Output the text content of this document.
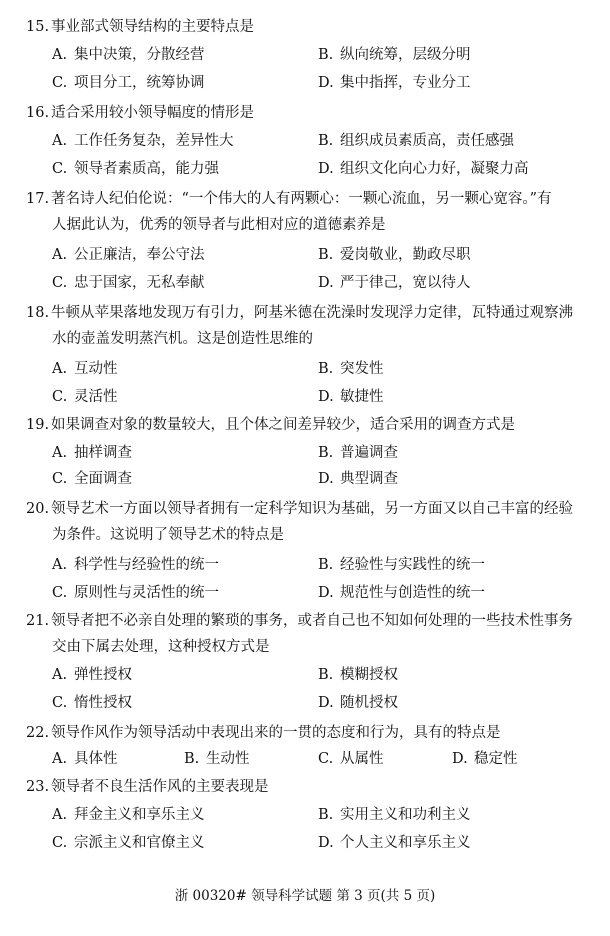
15. 事业部式领导结构的主要特点是
A. 集中决策，分散经营	B. 纵向统筹，层级分明
C. 项目分工，统筹协调	D. 集中指挥，专业分工
16. 适合采用较小领导幅度的情形是
A. 工作任务复杂，差异性大	B. 组织成员素质高，责任感强
C. 领导者素质高，能力强	D. 组织文化向心力好，凝聚力高
17. 著名诗人纪伯伦说：“一个伟大的人有两颗心：一颗心流血，另一颗心宽容。”有
人据此认为，优秀的领导者与此相对应的道德素养是
A. 公正廉洁，奉公守法	B. 爱岗敬业，勤政尽职
C. 忠于国家，无私奉献	D. 严于律己，宽以待人
18. 牛顿从苹果落地发现万有引力，阿基米德在洗澡时发现浮力定律，瓦特通过观察沸
水的壶盖发明蒸汽机。这是创造性思维的
A. 互动性	B. 突发性
C. 灵活性	D. 敏捷性
19. 如果调查对象的数量较大，且个体之间差异较少，适合采用的调查方式是
A. 抽样调查	B. 普遍调查
C. 全面调查	D. 典型调查
20. 领导艺术一方面以领导者拥有一定科学知识为基础，另一方面又以自己丰富的经验
为条件。这说明了领导艺术的特点是
A. 科学性与经验性的统一	B. 经验性与实践性的统一
C. 原则性与灵活性的统一	D. 规范性与创造性的统一
21. 领导者把不必亲自处理的繁琐的事务，或者自己也不知如何处理的一些技术性事务
交由下属去处理，这种授权方式是
A. 弹性授权	B. 模糊授权
C. 惰性授权	D. 随机授权
22. 领导作风作为领导活动中表现出来的一贯的态度和行为，具有的特点是
A. 具体性	B. 生动性	C. 从属性	D. 稳定性
23. 领导者不良生活作风的主要表现是
A. 拜金主义和享乐主义	B. 实用主义和功利主义
C. 宗派主义和官僚主义	D. 个人主义和享乐主义
浙 00320# 领导科学试题 第 3 页(共 5 页)
